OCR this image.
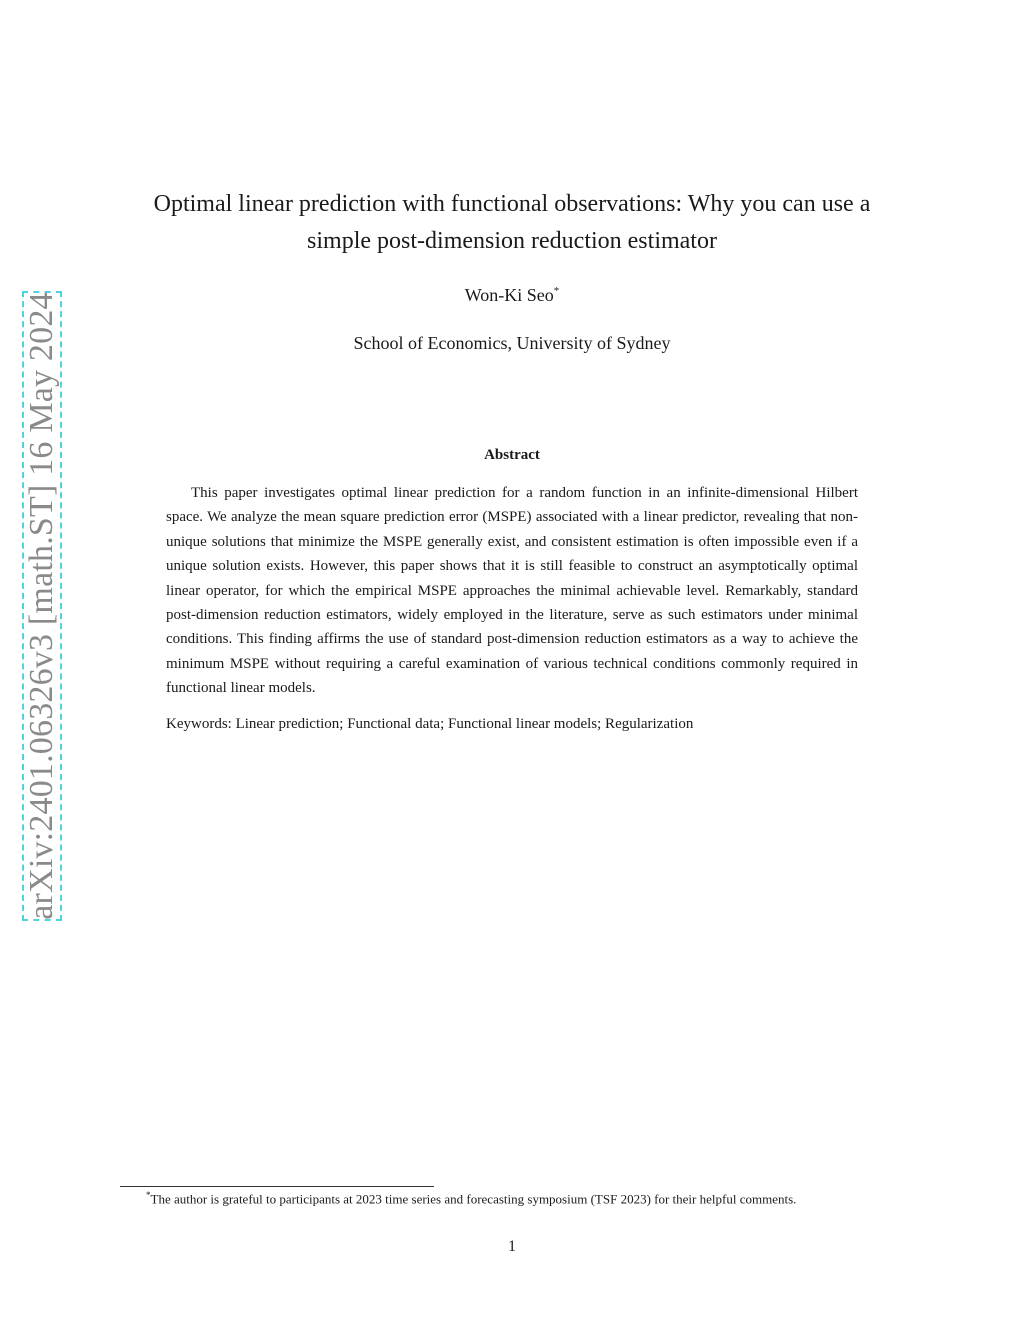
arXiv:2401.06326v3 [math.ST] 16 May 2024
Optimal linear prediction with functional observations: Why you can use a simple post-dimension reduction estimator
Won-Ki Seo*
School of Economics, University of Sydney
Abstract

This paper investigates optimal linear prediction for a random function in an infinite-dimensional Hilbert space. We analyze the mean square prediction error (MSPE) associated with a linear predictor, revealing that non-unique solutions that minimize the MSPE generally exist, and consistent estimation is often impossible even if a unique solution exists. However, this paper shows that it is still feasible to construct an asymptotically optimal linear operator, for which the empirical MSPE approaches the minimal achievable level. Remarkably, standard post-dimension reduction estimators, widely employed in the literature, serve as such estimators under minimal conditions. This finding affirms the use of standard post-dimension reduction estimators as a way to achieve the minimum MSPE without requiring a careful examination of various technical conditions commonly required in functional linear models.

Keywords: Linear prediction; Functional data; Functional linear models; Regularization
*The author is grateful to participants at 2023 time series and forecasting symposium (TSF 2023) for their helpful comments.
1
